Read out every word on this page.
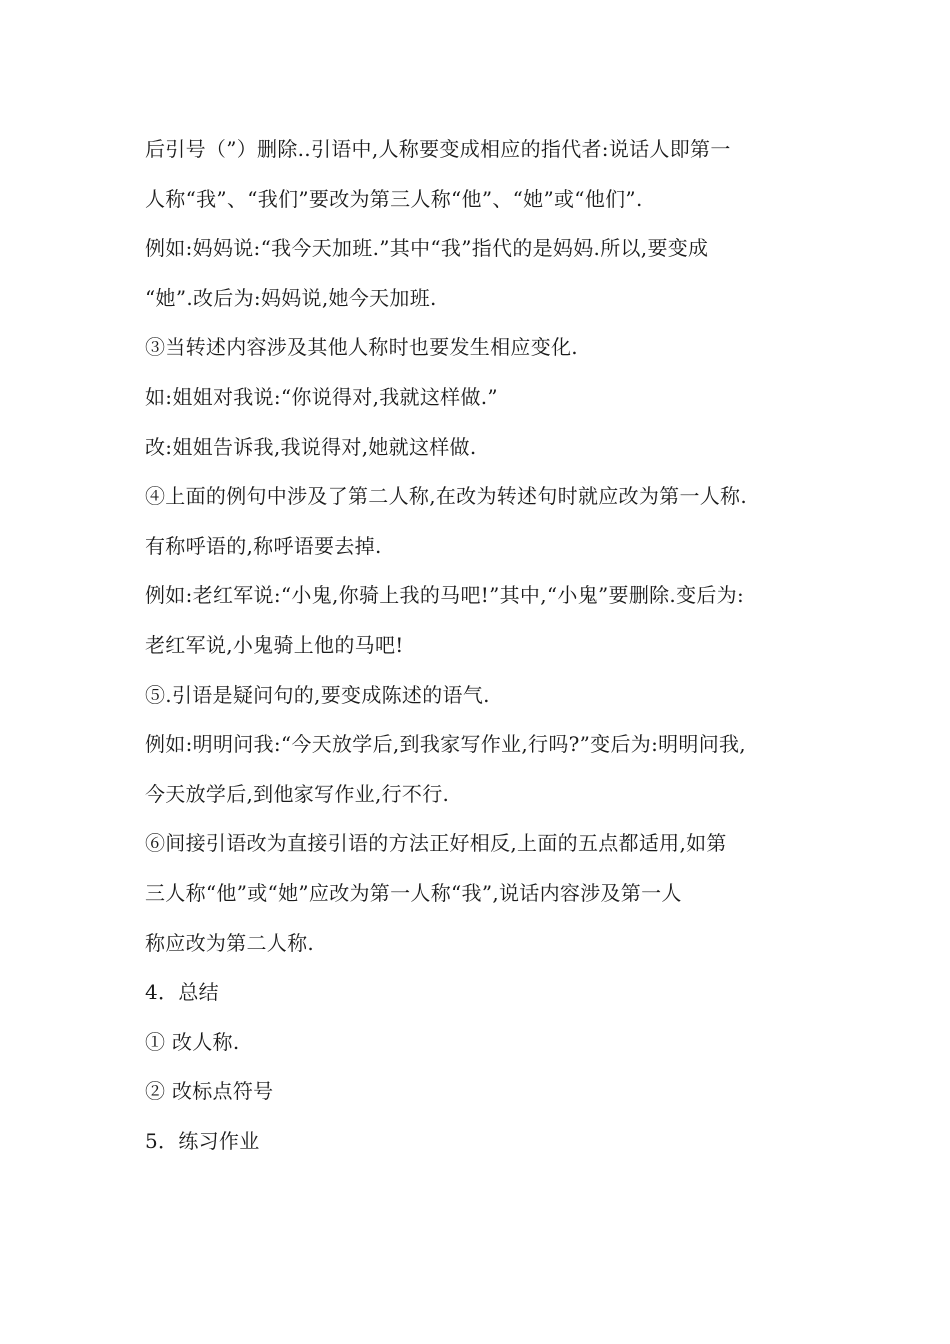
后引号（”）删除..引语中,人称要变成相应的指代者:说话人即第一
人称“我”、“我们”要改为第三人称“他”、“她”或“他们”.
例如:妈妈说:“我今天加班.”其中“我”指代的是妈妈.所以,要变成
“她”.改后为:妈妈说,她今天加班.
③当转述内容涉及其他人称时也要发生相应变化.
如:姐姐对我说:“你说得对,我就这样做.”
改:姐姐告诉我,我说得对,她就这样做.
④上面的例句中涉及了第二人称,在改为转述句时就应改为第一人称.
有称呼语的,称呼语要去掉.
例如:老红军说:“小鬼,你骑上我的马吧!”其中,“小鬼”要删除.变后为:
老红军说,小鬼骑上他的马吧!
⑤.引语是疑问句的,要变成陈述的语气.
例如:明明问我:“今天放学后,到我家写作业,行吗?”变后为:明明问我,
今天放学后,到他家写作业,行不行.
⑥间接引语改为直接引语的方法正好相反,上面的五点都适用,如第
三人称“他”或“她”应改为第一人称“我”,说话内容涉及第一人
称应改为第二人称.
4．总结
① 改人称.
② 改标点符号
5．练习作业
